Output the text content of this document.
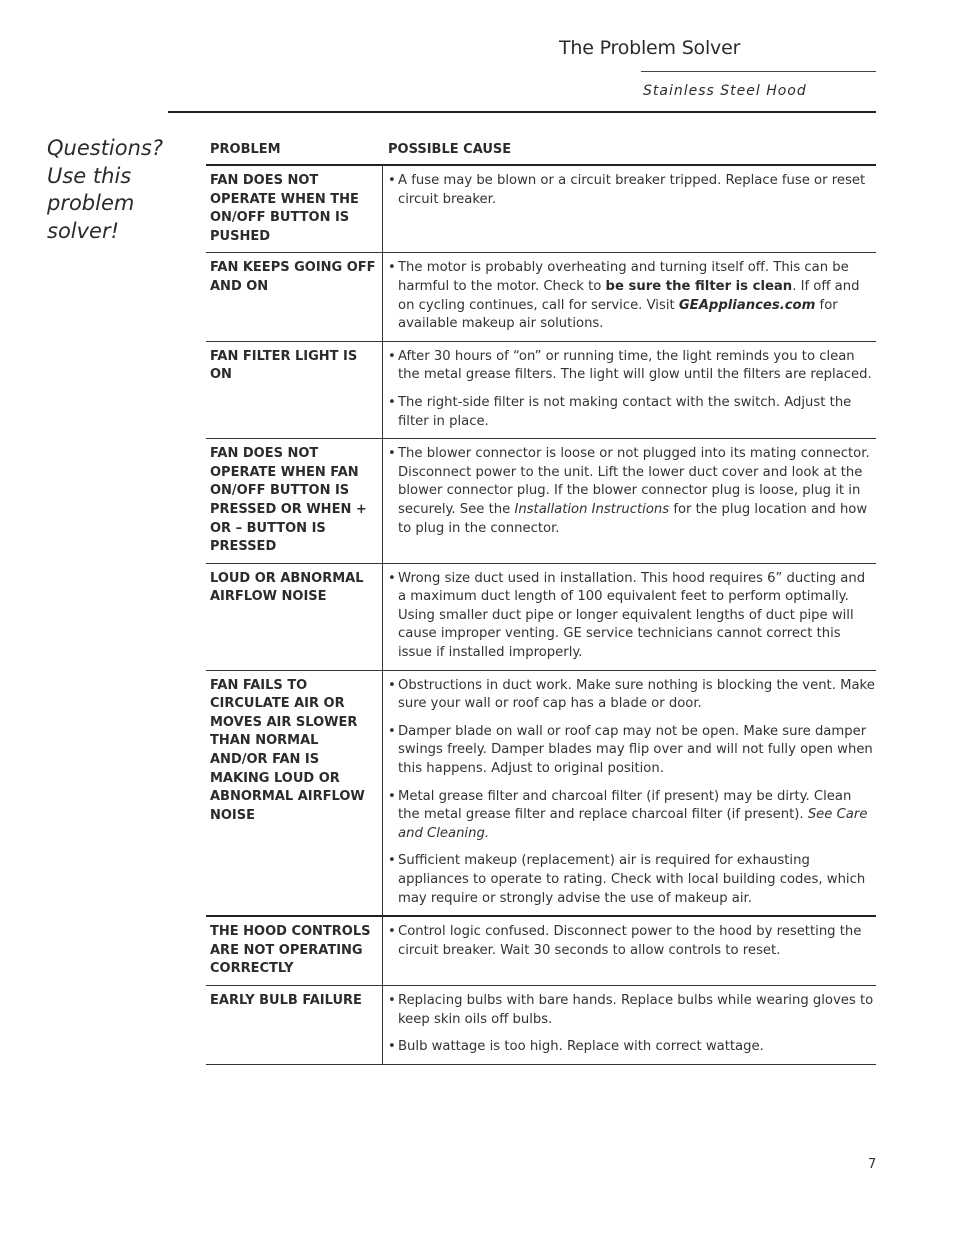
The Problem Solver
Stainless Steel Hood
Questions? Use this problem solver!
PROBLEM	POSSIBLE CAUSE
FAN DOES NOT OPERATE WHEN THE ON/OFF BUTTON IS PUSHED
• A fuse may be blown or a circuit breaker tripped. Replace fuse or reset circuit breaker.
FAN KEEPS GOING OFF AND ON
• The motor is probably overheating and turning itself off. This can be harmful to the motor. Check to be sure the filter is clean. If off and on cycling continues, call for service. Visit GEAppliances.com for available makeup air solutions.
FAN FILTER LIGHT IS ON
• After 30 hours of “on” or running time, the light reminds you to clean the metal grease filters. The light will glow until the filters are replaced.
• The right-side filter is not making contact with the switch. Adjust the filter in place.
FAN DOES NOT OPERATE WHEN FAN ON/OFF BUTTON IS PRESSED OR WHEN + OR – BUTTON IS PRESSED
• The blower connector is loose or not plugged into its mating connector. Disconnect power to the unit. Lift the lower duct cover and look at the blower connector plug. If the blower connector plug is loose, plug it in securely. See the Installation Instructions for the plug location and how to plug in the connector.
LOUD OR ABNORMAL AIRFLOW NOISE
• Wrong size duct used in installation. This hood requires 6” ducting and a maximum duct length of 100 equivalent feet to perform optimally. Using smaller duct pipe or longer equivalent lengths of duct pipe will cause improper venting. GE service technicians cannot correct this issue if installed improperly.
FAN FAILS TO CIRCULATE AIR OR MOVES AIR SLOWER THAN NORMAL AND/OR FAN IS MAKING LOUD OR ABNORMAL AIRFLOW NOISE
• Obstructions in duct work. Make sure nothing is blocking the vent. Make sure your wall or roof cap has a blade or door.
• Damper blade on wall or roof cap may not be open. Make sure damper swings freely. Damper blades may flip over and will not fully open when this happens. Adjust to original position.
• Metal grease filter and charcoal filter (if present) may be dirty. Clean the metal grease filter and replace charcoal filter (if present). See Care and Cleaning.
• Sufficient makeup (replacement) air is required for exhausting appliances to operate to rating. Check with local building codes, which may require or strongly advise the use of makeup air.
THE HOOD CONTROLS ARE NOT OPERATING CORRECTLY
• Control logic confused. Disconnect power to the hood by resetting the circuit breaker. Wait 30 seconds to allow controls to reset.
EARLY BULB FAILURE
•	Replacing bulbs with bare hands. Replace bulbs while wearing gloves to keep skin oils off bulbs.
• Bulb wattage is too high. Replace with correct wattage.
7
